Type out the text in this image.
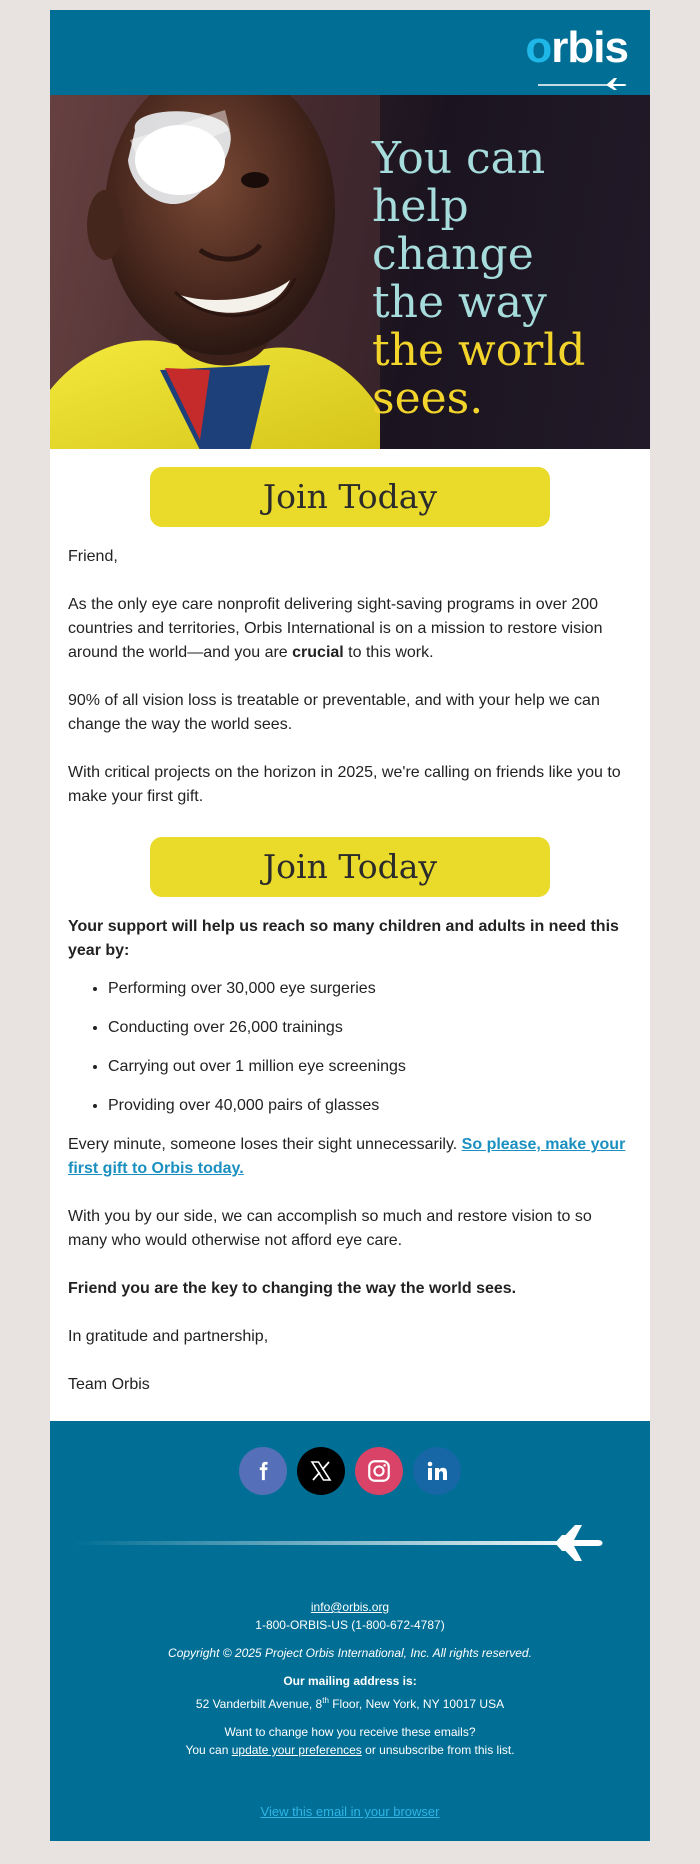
orbis
You can
help change
the way
the world
sees.
Join Today

Friend,

As the only eye care nonprofit delivering sight-saving programs in over 200 countries and territories, Orbis International is on a mission to restore vision around the world—and you are crucial to this work.

90% of all vision loss is treatable or preventable, and with your help we can change the way the world sees.

With critical projects on the horizon in 2025, we're calling on friends like you to make your first gift.

Join Today

Your support will help us reach so many children and adults in need this year by:

• Performing over 30,000 eye surgeries
• Conducting over 26,000 trainings
• Carrying out over 1 million eye screenings
• Providing over 40,000 pairs of glasses

Every minute, someone loses their sight unnecessarily. So please, make your first gift to Orbis today.

With you by our side, we can accomplish so much and restore vision to so many who would otherwise not afford eye care.

Friend you are the key to changing the way the world sees.

In gratitude and partnership,

Team Orbis

info@orbis.org
1-800-ORBIS-US (1-800-672-4787)
Copyright © 2025 Project Orbis International, Inc. All rights reserved.
Our mailing address is:
52 Vanderbilt Avenue, 8th Floor, New York, NY 10017 USA
Want to change how you receive these emails?
You can update your preferences or unsubscribe from this list.
View this email in your browser
